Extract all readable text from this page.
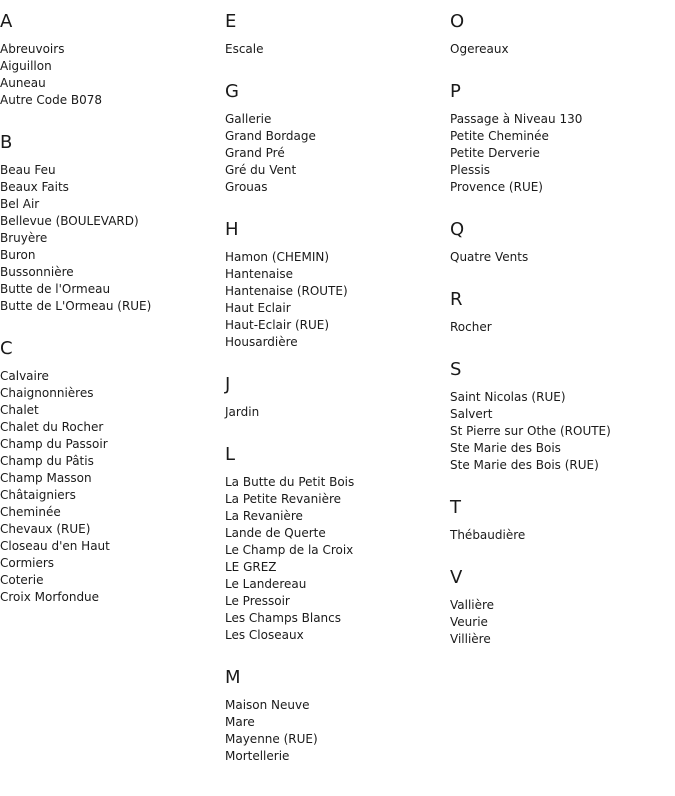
A
Abreuvoirs
Aiguillon
Auneau
Autre Code B078
B
Beau Feu
Beaux Faits
Bel Air
Bellevue (BOULEVARD)
Bruyère
Buron
Bussonnière
Butte de l'Ormeau
Butte de L'Ormeau (RUE)
C
Calvaire
Chaignonnières
Chalet
Chalet du Rocher
Champ du Passoir
Champ du Pâtis
Champ Masson
Châtaigniers
Cheminée
Chevaux (RUE)
Closeau d'en Haut
Cormiers
Coterie
Croix Morfondue
E
Escale
G
Gallerie
Grand Bordage
Grand Pré
Gré du Vent
Grouas
H
Hamon (CHEMIN)
Hantenaise
Hantenaise (ROUTE)
Haut Eclair
Haut-Eclair (RUE)
Housardière
J
Jardin
L
La Butte du Petit Bois
La Petite Revanière
La Revanière
Lande de Querte
Le Champ de la Croix
LE GREZ
Le Landereau
Le Pressoir
Les Champs Blancs
Les Closeaux
M
Maison Neuve
Mare
Mayenne (RUE)
Mortellerie
O
Ogereaux
P
Passage à Niveau 130
Petite Cheminée
Petite Derverie
Plessis
Provence (RUE)
Q
Quatre Vents
R
Rocher
S
Saint Nicolas (RUE)
Salvert
St Pierre sur Othe (ROUTE)
Ste Marie des Bois
Ste Marie des Bois (RUE)
T
Thébaudière
V
Vallière
Veurie
Villière
